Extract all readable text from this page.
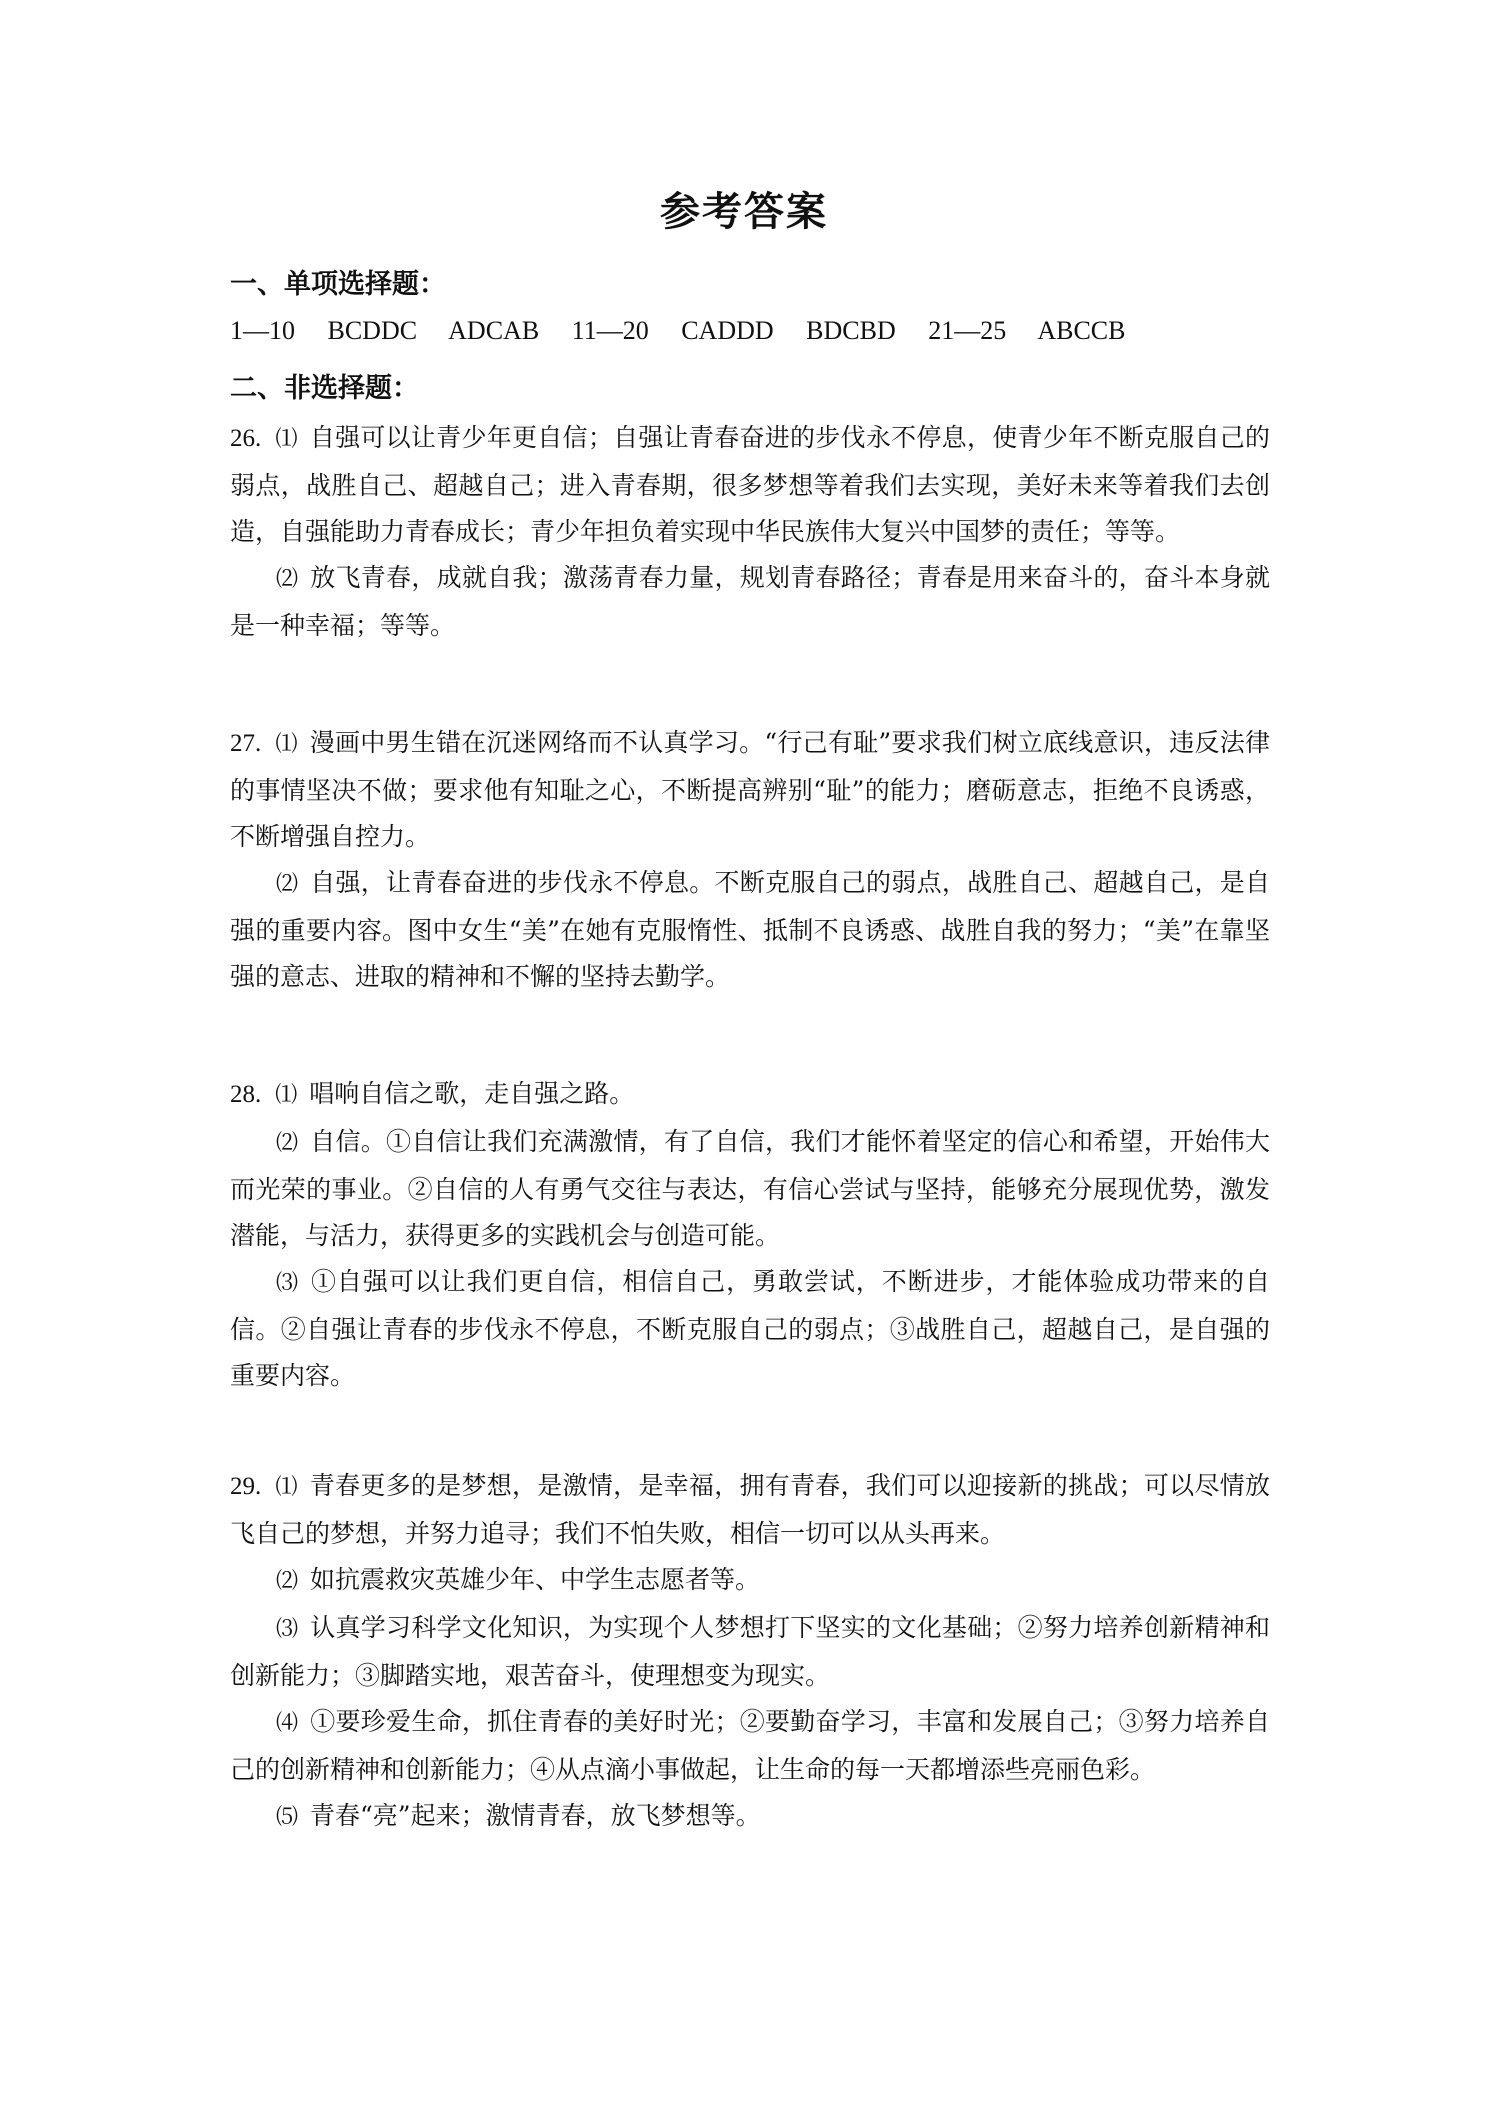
参考答案
一、单项选择题：
1—10 BCDDC ADCAB 11—20 CADDD BDCBD 21—25 ABCCB
二、非选择题：

26. ⑴ 自强可以让青少年更自信；自强让青春奋进的步伐永不停息，使青少年不断克服自己的弱点，战胜自己、超越自己；进入青春期，很多梦想等着我们去实现，美好未来等着我们去创造，自强能助力青春成长；青少年担负着实现中华民族伟大复兴中国梦的责任；等等。

⑵ 放飞青春，成就自我；激荡青春力量，规划青春路径；青春是用来奋斗的，奋斗本身就是一种幸福；等等。

27. ⑴ 漫画中男生错在沉迷网络而不认真学习。“行己有耻”要求我们树立底线意识，违反法律的事情坚决不做；要求他有知耻之心，不断提高辨别“耻”的能力；磨砺意志，拒绝不良诱惑，不断增强自控力。

⑵ 自强，让青春奋进的步伐永不停息。不断克服自己的弱点，战胜自己、超越自己，是自强的重要内容。图中女生“美”在她有克服惰性、抵制不良诱惑、战胜自我的努力；“美”在靠坚强的意志、进取的精神和不懈的坚持去勤学。

28. ⑴ 唱响自信之歌，走自强之路。

⑵ 自信。①自信让我们充满激情，有了自信，我们才能怀着坚定的信心和希望，开始伟大而光荣的事业。②自信的人有勇气交往与表达，有信心尝试与坚持，能够充分展现优势，激发潜能，与活力，获得更多的实践机会与创造可能。

⑶ ①自强可以让我们更自信，相信自己，勇敢尝试，不断进步，才能体验成功带来的自信。②自强让青春的步伐永不停息，不断克服自己的弱点；③战胜自己，超越自己，是自强的重要内容。

29. ⑴ 青春更多的是梦想，是激情，是幸福，拥有青春，我们可以迎接新的挑战；可以尽情放飞自己的梦想，并努力追寻；我们不怕失败，相信一切可以从头再来。

⑵ 如抗震救灾英雄少年、中学生志愿者等。

⑶ 认真学习科学文化知识，为实现个人梦想打下坚实的文化基础；②努力培养创新精神和创新能力；③脚踏实地，艰苦奋斗，使理想变为现实。

⑷ ①要珍爱生命，抓住青春的美好时光；②要勤奋学习，丰富和发展自己；③努力培养自己的创新精神和创新能力；④从点滴小事做起，让生命的每一天都增添些亮丽色彩。

⑸ 青春“亮”起来；激情青春，放飞梦想等。
